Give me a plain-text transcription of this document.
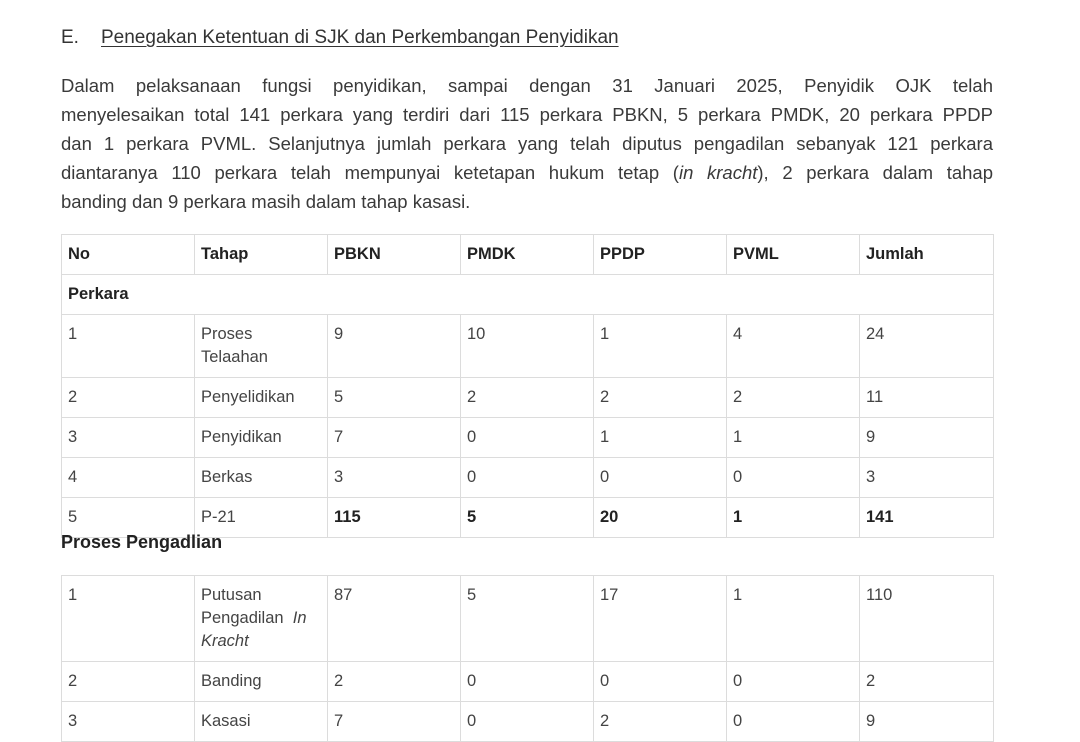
E. Penegakan Ketentuan di SJK dan Perkembangan Penyidikan
Dalam pelaksanaan fungsi penyidikan, sampai dengan 31 Januari 2025, Penyidik OJK telah
menyelesaikan total 141 perkara yang terdiri dari 115 perkara PBKN, 5 perkara PMDK, 20 perkara PPDP
dan 1 perkara PVML. Selanjutnya jumlah perkara yang telah diputus pengadilan sebanyak 121 perkara
diantaranya 110 perkara telah mempunyai ketetapan hukum tetap (in kracht), 2 perkara dalam tahap
banding dan 9 perkara masih dalam tahap kasasi.
No	Tahap	PBKN	PMDK	PPDP	PVML	Jumlah
Perkara						
1	Proses Telaahan	9	10	1	4	24
2	Penyelidikan	5	2	2	2	11
3	Penyidikan	7	0	1	1	9
4	Berkas	3	0	0	0	3
5	P-21	115	5	20	1	141
Proses Pengadlian
1	Putusan Pengadilan In Kracht	87	5	17	1	110
2	Banding	2	0	0	0	2
3	Kasasi	7	0	2	0	9
